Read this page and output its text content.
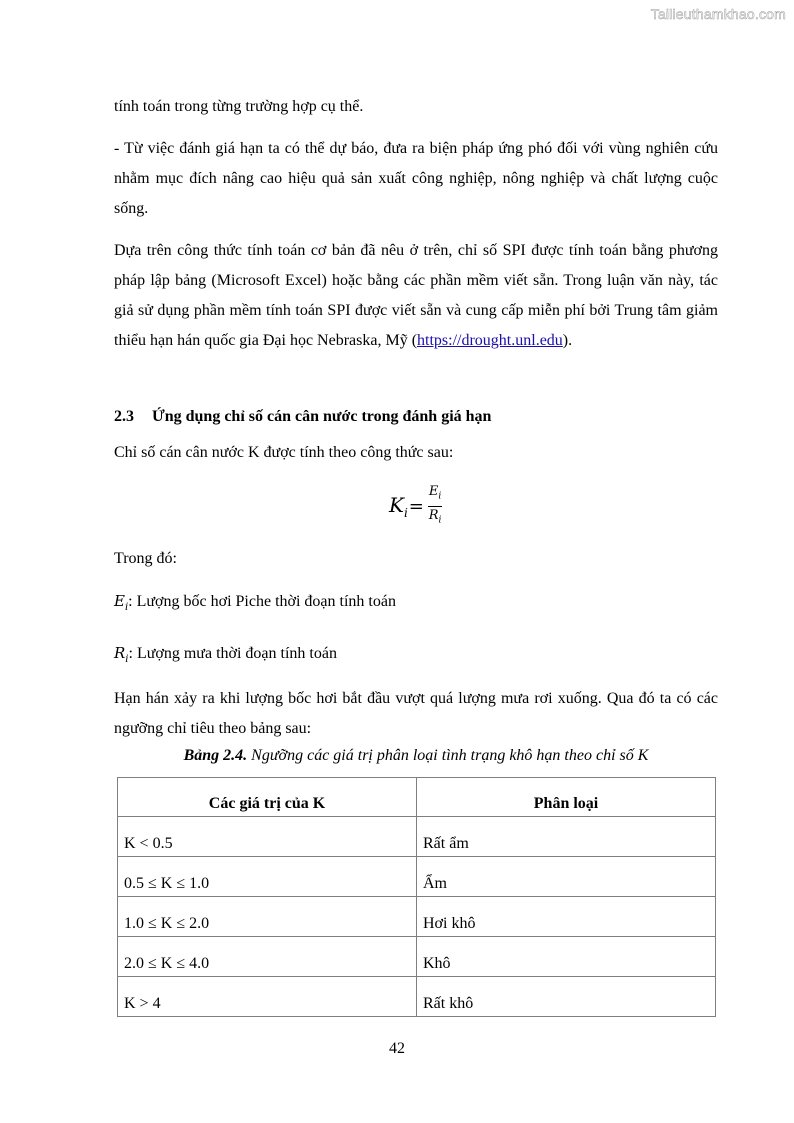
Tailieuthamkhao.com

tính toán trong từng trường hợp cụ thể.

- Từ việc đánh giá hạn ta có thể dự báo, đưa ra biện pháp ứng phó đối với vùng nghiên cứu nhằm mục đích nâng cao hiệu quả sản xuất công nghiệp, nông nghiệp và chất lượng cuộc sống.

Dựa trên công thức tính toán cơ bản đã nêu ở trên, chỉ số SPI được tính toán bằng phương pháp lập bảng (Microsoft Excel) hoặc bằng các phần mềm viết sẵn. Trong luận văn này, tác giả sử dụng phần mềm tính toán SPI được viết sẵn và cung cấp miễn phí bởi Trung tâm giảm thiểu hạn hán quốc gia Đại học Nebraska, Mỹ (https://drought.unl.edu).

2.3 Ứng dụng chỉ số cán cân nước trong đánh giá hạn

Chỉ số cán cân nước K được tính theo công thức sau:

$K_i = \frac{E_i}{R_i}$

Trong đó:

$E_i$: Lượng bốc hơi Piche thời đoạn tính toán

$R_i$: Lượng mưa thời đoạn tính toán

Hạn hán xảy ra khi lượng bốc hơi bắt đầu vượt quá lượng mưa rơi xuống. Qua đó ta có các ngưỡng chỉ tiêu theo bảng sau:

Bảng 2.4. Ngưỡng các giá trị phân loại tình trạng khô hạn theo chỉ số K
Các giá trị của K	Phân loại
K < 0.5	Rất ẩm
0.5 ≤ K ≤ 1.0	Ẩm
1.0 ≤ K ≤ 2.0	Hơi khô
2.0 ≤ K ≤ 4.0	Khô
K > 4	Rất khô
42
